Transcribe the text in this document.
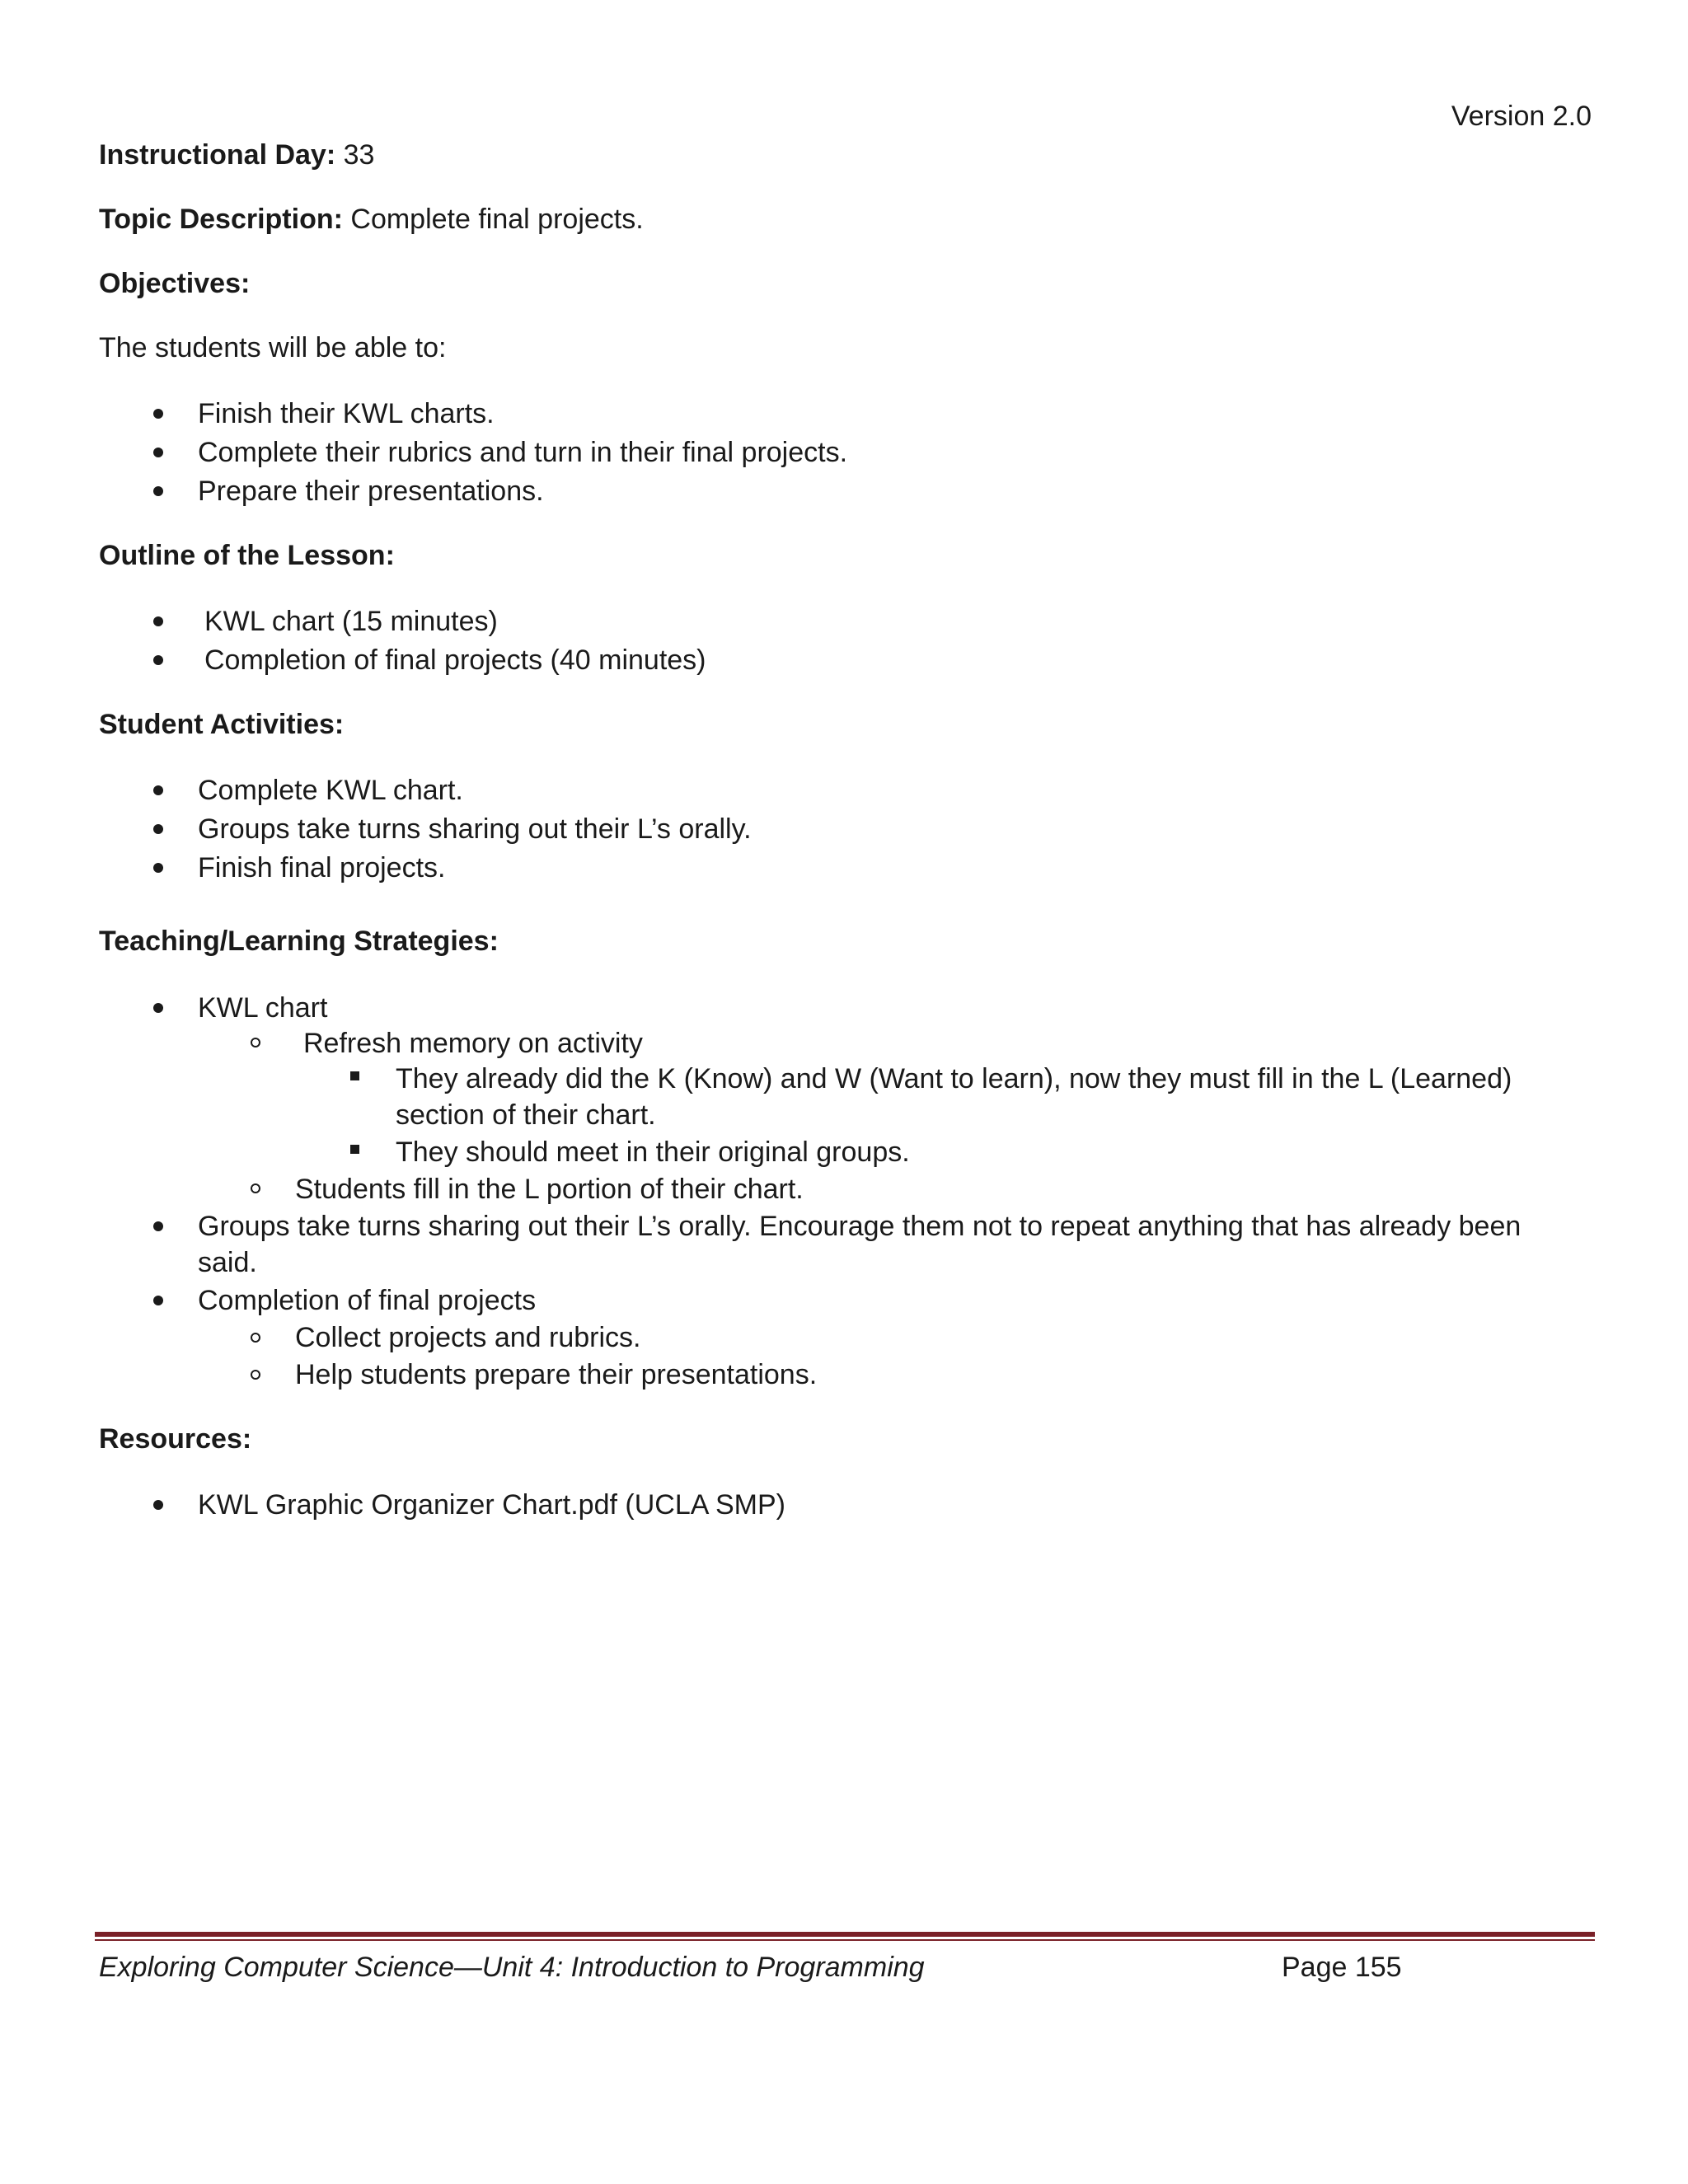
Version 2.0
Instructional Day: 33
Topic Description: Complete final projects.
Objectives:
The students will be able to:
Finish their KWL charts.
Complete their rubrics and turn in their final projects.
Prepare their presentations.
Outline of the Lesson:
KWL chart (15 minutes)
Completion of final projects (40 minutes)
Student Activities:
Complete KWL chart.
Groups take turns sharing out their L’s orally.
Finish final projects.
Teaching/Learning Strategies:
KWL chart
Refresh memory on activity
They already did the K (Know) and W (Want to learn), now they must fill in the L (Learned)
section of their chart.
They should meet in their original groups.
Students fill in the L portion of their chart.
Groups take turns sharing out their L’s orally. Encourage them not to repeat anything that has already been
said.
Completion of final projects
Collect projects and rubrics.
Help students prepare their presentations.
Resources:
KWL Graphic Organizer Chart.pdf (UCLA SMP)
Exploring Computer Science—Unit 4: Introduction to Programming	Page 155
